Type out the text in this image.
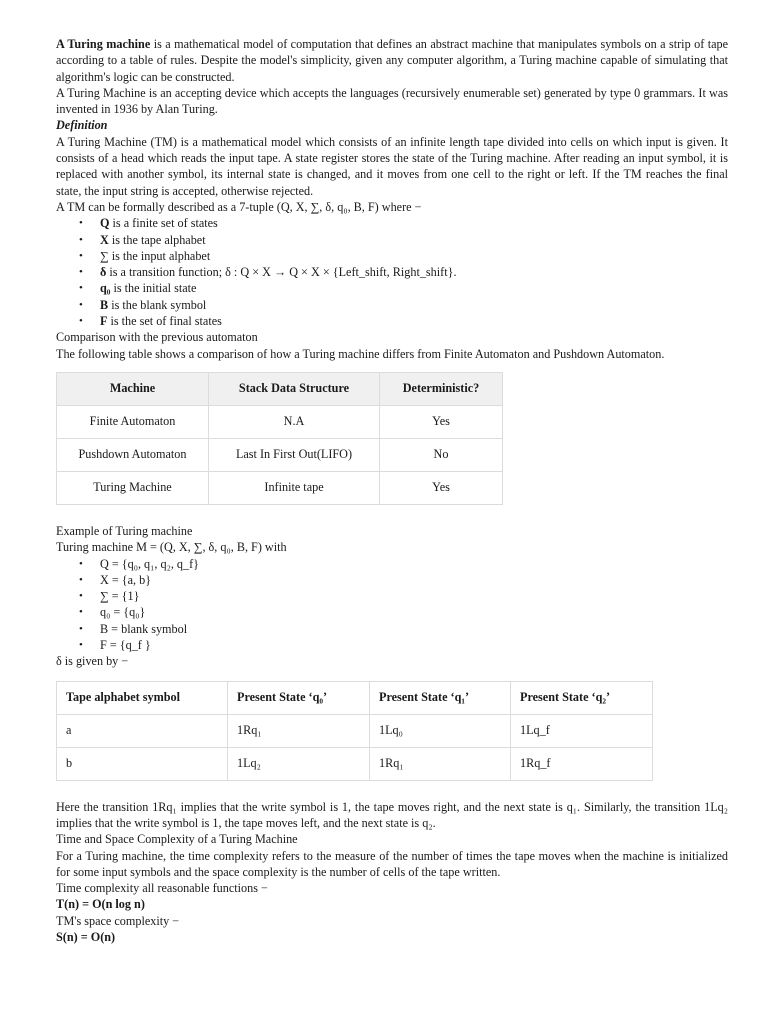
A Turing machine is a mathematical model of computation that defines an abstract machine that manipulates symbols on a strip of tape according to a table of rules. Despite the model's simplicity, given any computer algorithm, a Turing machine capable of simulating that algorithm's logic can be constructed.

A Turing Machine is an accepting device which accepts the languages (recursively enumerable set) generated by type 0 grammars. It was invented in 1936 by Alan Turing.

Definition

A Turing Machine (TM) is a mathematical model which consists of an infinite length tape divided into cells on which input is given. It consists of a head which reads the input tape. A state register stores the state of the Turing machine. After reading an input symbol, it is replaced with another symbol, its internal state is changed, and it moves from one cell to the right or left. If the TM reaches the final state, the input string is accepted, otherwise rejected.

A TM can be formally described as a 7-tuple (Q, X, ∑, δ, q₀, B, F) where −

• Q is a finite set of states
• X is the tape alphabet
• ∑ is the input alphabet
• δ is a transition function; δ : Q × X → Q × X × {Left_shift, Right_shift}.
• q₀ is the initial state
• B is the blank symbol
• F is the set of final states

Comparison with the previous automaton

The following table shows a comparison of how a Turing machine differs from Finite Automaton and Pushdown Automaton.

Machine	Stack Data Structure	Deterministic?
Finite Automaton	N.A	Yes
Pushdown Automaton	Last In First Out(LIFO)	No
Turing Machine	Infinite tape	Yes

Example of Turing machine

Turing machine M = (Q, X, ∑, δ, q₀, B, F) with

• Q = {q₀, q₁, q₂, q_f}
• X = {a, b}
• ∑ = {1}
• q₀ = {q₀}
• B = blank symbol
• F = {q_f }

δ is given by −

Tape alphabet symbol	Present State ‘q₀’	Present State ‘q₁’	Present State ‘q₂’
a	1Rq₁	1Lq₀	1Lq_f
b	1Lq₂	1Rq₁	1Rq_f

Here the transition 1Rq₁ implies that the write symbol is 1, the tape moves right, and the next state is q₁. Similarly, the transition 1Lq₂ implies that the write symbol is 1, the tape moves left, and the next state is q₂.

Time and Space Complexity of a Turing Machine

For a Turing machine, the time complexity refers to the measure of the number of times the tape moves when the machine is initialized for some input symbols and the space complexity is the number of cells of the tape written.

Time complexity all reasonable functions −

T(n) = O(n log n)

TM's space complexity −

S(n) = O(n)
